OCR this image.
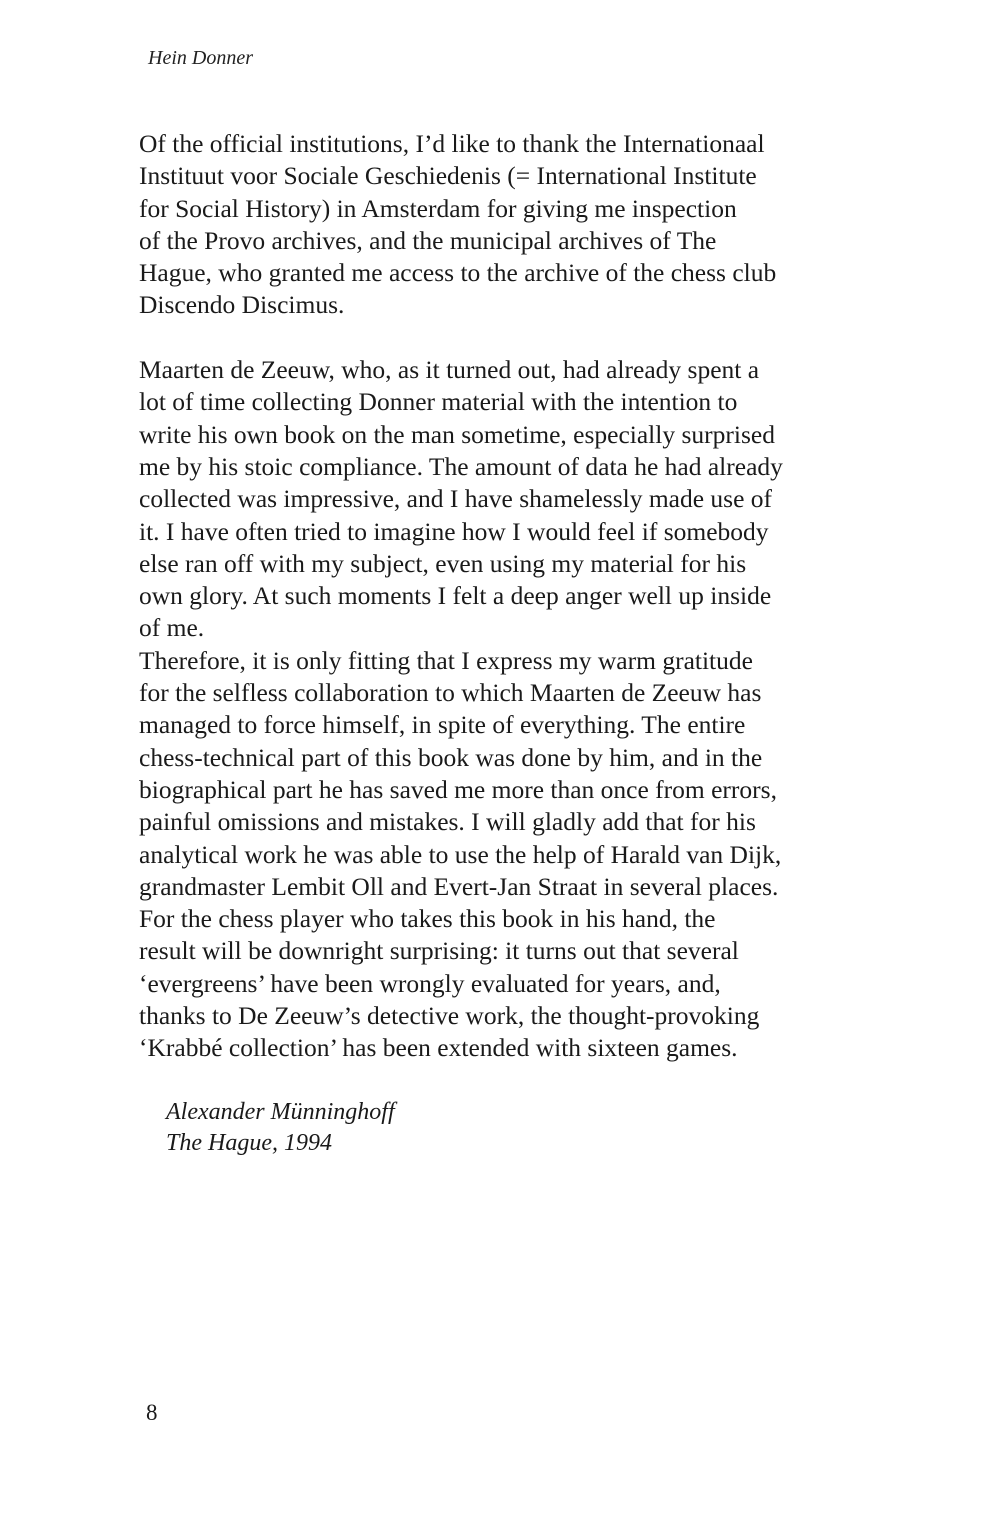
Hein Donner
Of the official institutions, I’d like to thank the Internationaal
Instituut voor Sociale Geschiedenis (= International Institute
for Social History) in Amsterdam for giving me inspection
of the Provo archives, and the municipal archives of The
Hague, who granted me access to the archive of the chess club
Discendo Discimus.
Maarten de Zeeuw, who, as it turned out, had already spent a
lot of time collecting Donner material with the intention to
write his own book on the man sometime, especially surprised
me by his stoic compliance. The amount of data he had already
collected was impressive, and I have shamelessly made use of
it. I have often tried to imagine how I would feel if somebody
else ran off with my subject, even using my material for his
own glory. At such moments I felt a deep anger well up inside
of me.
Therefore, it is only fitting that I express my warm gratitude
for the selfless collaboration to which Maarten de Zeeuw has
managed to force himself, in spite of everything. The entire
chess-technical part of this book was done by him, and in the
biographical part he has saved me more than once from errors,
painful omissions and mistakes. I will gladly add that for his
analytical work he was able to use the help of Harald van Dijk,
grandmaster Lembit Oll and Evert-Jan Straat in several places.
For the chess player who takes this book in his hand, the
result will be downright surprising: it turns out that several
‘evergreens’ have been wrongly evaluated for years, and,
thanks to De Zeeuw’s detective work, the thought-provoking
‘Krabbé collection’ has been extended with sixteen games.
Alexander Münninghoff
The Hague, 1994
8
